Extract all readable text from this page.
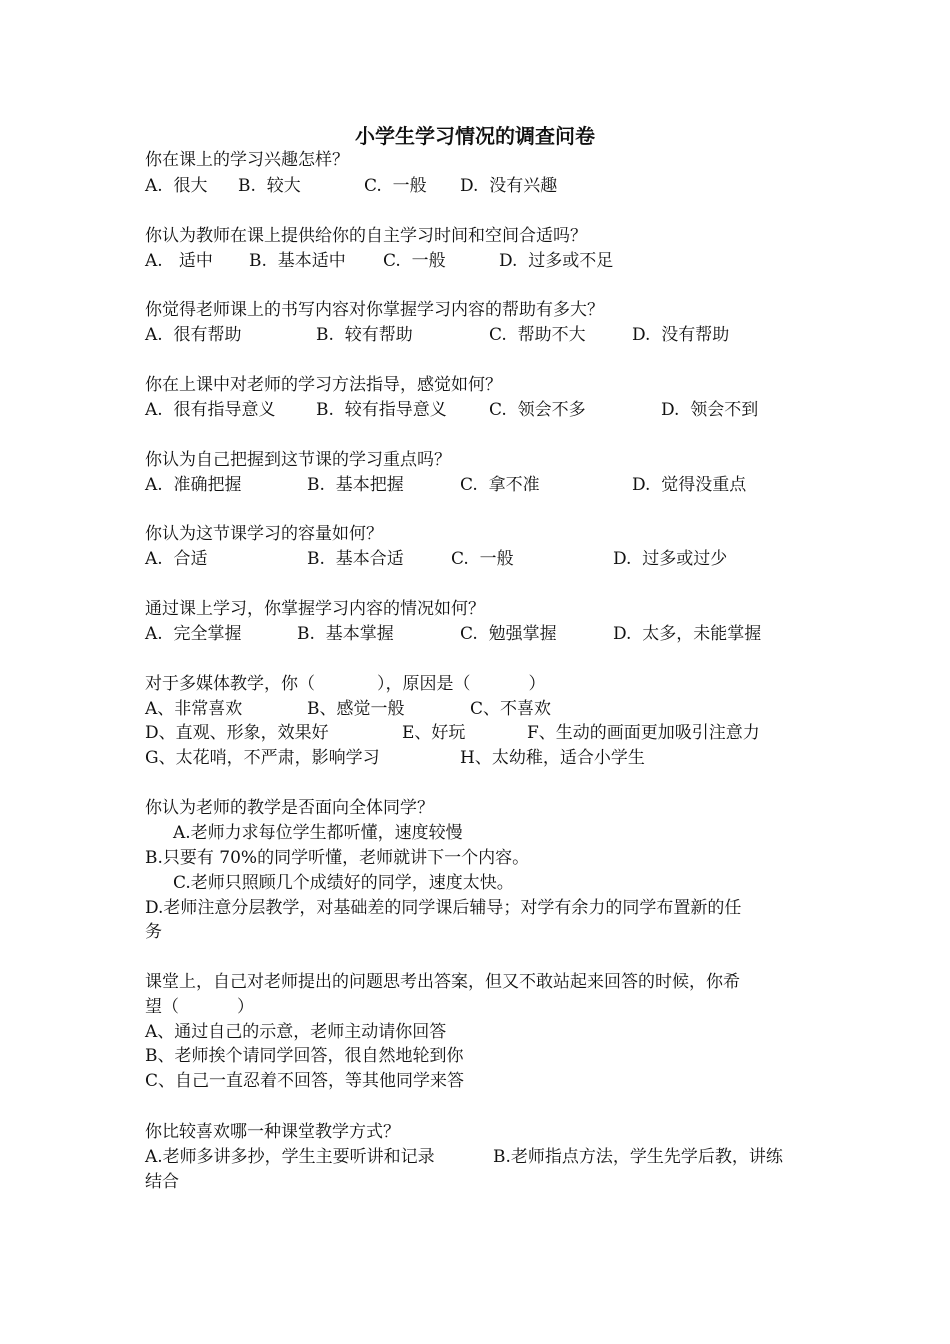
小学生学习情况的调查问卷
你在课上的学习兴趣怎样？
A.  很大 B.  较大	C.  一般 D.  没有兴趣
你认为教师在课上提供给你的自主学习时间和空间合适吗？
A.   适中 B.  基本适中 C.  一般	D.  过多或不足
你觉得老师课上的书写内容对你掌握学习内容的帮助有多大？
A.  很有帮助	B.  较有帮助	C.  帮助不大	D.  没有帮助
你在上课中对老师的学习方法指导，感觉如何？
A.  很有指导意义 B.  较有指导意义 C.  领会不多	D.  领会不到
你认为自己把握到这节课的学习重点吗？
A.  准确把握	B.  基本把握	C.  拿不准	D.  觉得没重点
你认为这节课学习的容量如何？
A.  合适	B.  基本合适	C.  一般	D.  过多或过少
通过课上学习，你掌握学习内容的情况如何？
A.  完全掌握	B.  基本掌握	C.  勉强掌握	D.  太多，未能掌握
对于多媒体教学，你（	），原因是（	）
A、非常喜欢	B、感觉一般	C、不喜欢
D、直观、形象，效果好	E、好玩	F、生动的画面更加吸引注意力
G、太花哨，不严肃，影响学习	H、太幼稚，适合小学生
你认为老师的教学是否面向全体同学？
A.老师力求每位学生都听懂，速度较慢
B.只要有 70%的同学听懂，老师就讲下一个内容。
C.老师只照顾几个成绩好的同学，速度太快。
D.老师注意分层教学，对基础差的同学课后辅导；对学有余力的同学布置新的任
务
课堂上，自己对老师提出的问题思考出答案，但又不敢站起来回答的时候，你希
望（	）
A、通过自己的示意，老师主动请你回答
B、老师挨个请同学回答，很自然地轮到你
C、自己一直忍着不回答，等其他同学来答
你比较喜欢哪一种课堂教学方式？
A.老师多讲多抄，学生主要听讲和记录	B.老师指点方法，学生先学后教，讲练
结合
